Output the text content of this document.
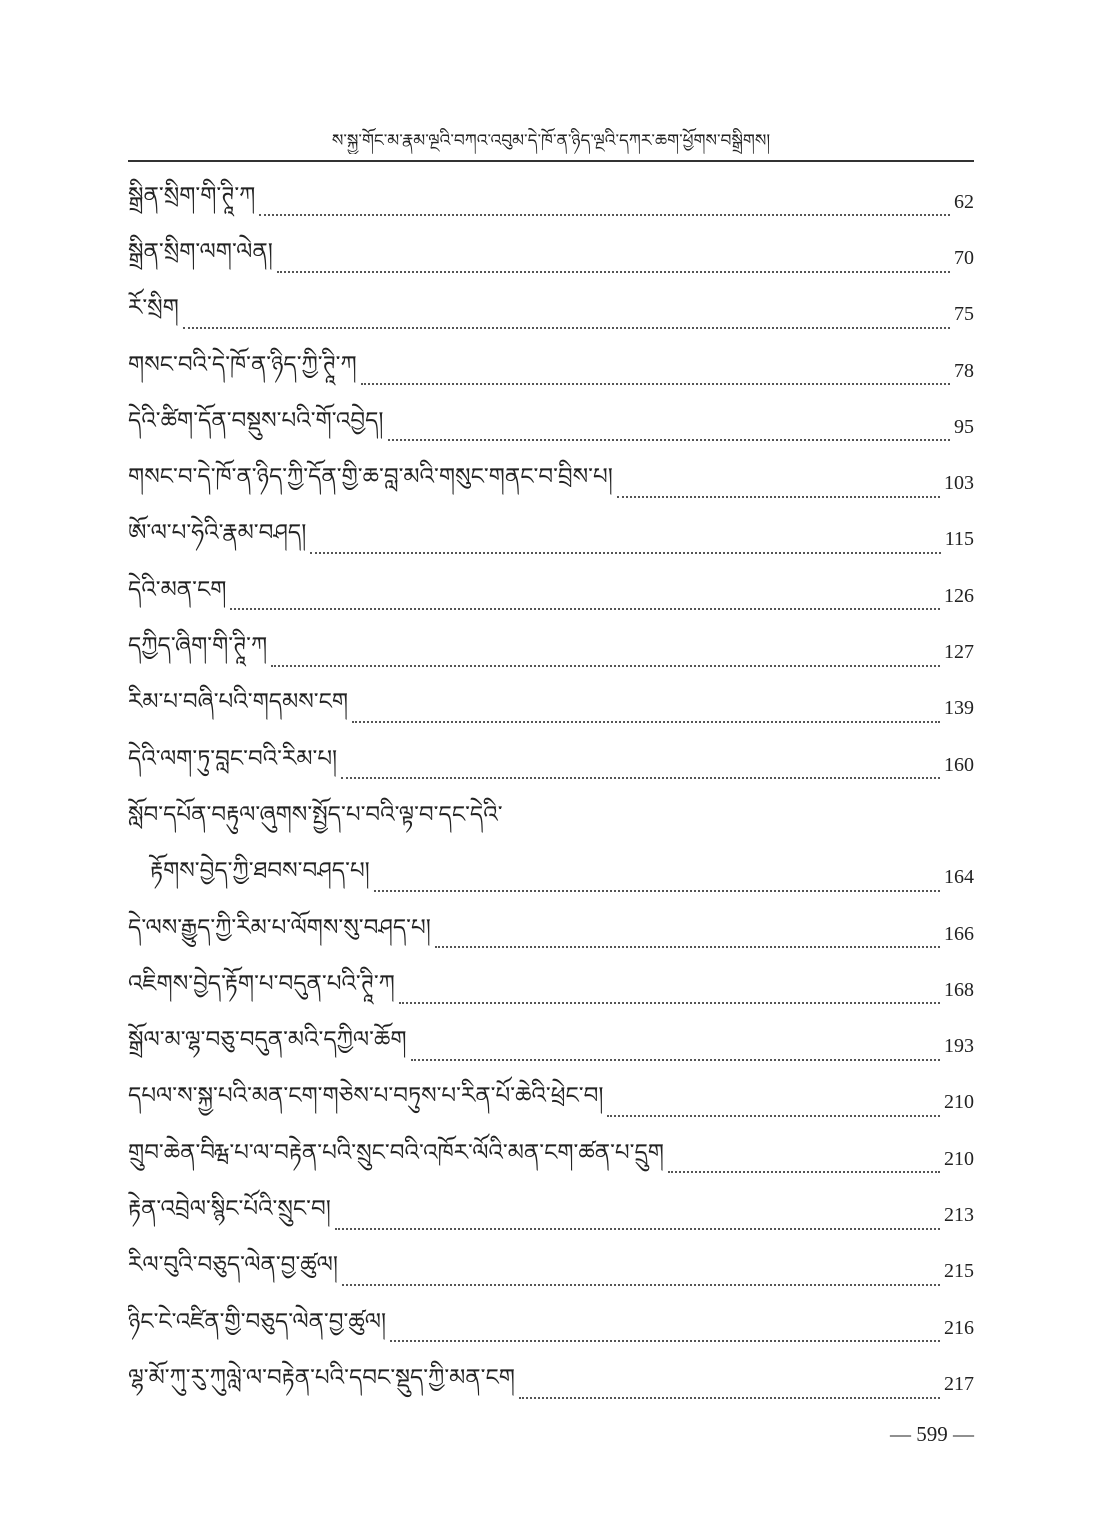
ས་སྐྱ་གོང་མ་རྣམ་ལྔའི་བཀའ་འབུམ་དེ་ཁོ་ན་ཉིད་ལྔའི་དཀར་ཆག་ཕྱོགས་བསྒྲིགས།
སྒྲིན་སྲིག་གི་ཊཱི་ཀ	62
སྒྲིན་སྲིག་ལག་ལེན།	70
རོ་སྲིག	75
གསང་བའི་དེ་ཁོ་ན་ཉིད་ཀྱི་ཊཱི་ཀ	78
དེའི་ཚིག་དོན་བསྡུས་པའི་གོ་འབྱེད།	95
གསང་བ་དེ་ཁོ་ན་ཉིད་ཀྱི་དོན་གྱི་ཆ་བླ་མའི་གསུང་གནང་བ་བྲིས་པ།	103
ཨོ་ལ་པ་ཧེའི་རྣམ་བཤད།	115
དེའི་མན་ངག	126
དཀྱིད་ཞིག་གི་ཊཱི་ཀ	127
རིམ་པ་བཞི་པའི་གདམས་ངག	139
དེའི་ལག་ཏུ་བླང་བའི་རིམ་པ།	160
སློབ་དཔོན་བརྟུལ་ཞུགས་སྤྱོད་པ་བའི་ལྟ་བ་དང་དེའི་
རྟོགས་བྱེད་ཀྱི་ཐབས་བཤད་པ།	164
དེ་ལས་རྒྱུད་ཀྱི་རིམ་པ་ལོགས་སུ་བཤད་པ།	166
འཇིགས་བྱེད་རྟོག་པ་བདུན་པའི་ཊཱི་ཀ	168
སྒྲོལ་མ་ལྷ་བཅུ་བདུན་མའི་དཀྱིལ་ཆོག	193
དཔལ་ས་སྐྱ་པའི་མན་ངག་གཅེས་པ་བཏུས་པ་རིན་པོ་ཆེའི་ཕྲེང་བ།	210
གྲུབ་ཆེན་བིརྺ་པ་ལ་བརྟེན་པའི་སྲུང་བའི་འཁོར་ལོའི་མན་ངག་ཚན་པ་དྲུག	210
རྟེན་འབྲེལ་སྙིང་པོའི་སྲུང་བ།	213
རིལ་བུའི་བཅུད་ལེན་བྱ་ཚུལ།	215
ཉིང་ངེ་འཛིན་གྱི་བཅུད་ལེན་བྱ་ཚུལ།	216
ལྷ་མོ་ཀུ་རུ་ཀུལླེ་ལ་བརྟེན་པའི་དབང་སྡུད་ཀྱི་མན་ངག	217
— 599 —
